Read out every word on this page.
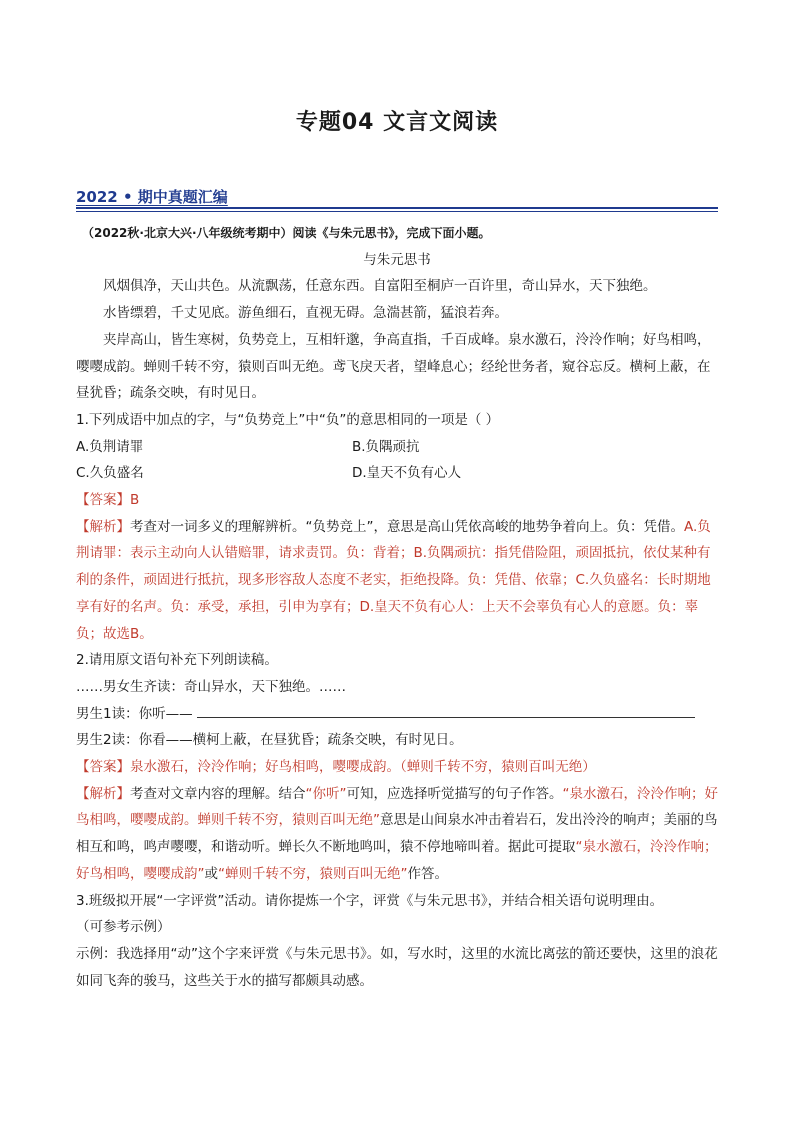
专题04 文言文阅读
2022 • 期中真题汇编

（2022秋·北京大兴·八年级统考期中）阅读《与朱元思书》，完成下面小题。

与朱元思书

风烟俱净，天山共色。从流飘荡，任意东西。自富阳至桐庐一百许里，奇山异水，天下独绝。

水皆缥碧，千丈见底。游鱼细石，直视无碍。急湍甚箭，猛浪若奔。

夹岸高山，皆生寒树，负势竞上，互相轩邈，争高直指，千百成峰。泉水激石，泠泠作响；好鸟相鸣，嘤嘤成韵。蝉则千转不穷，猿则百叫无绝。鸢飞戾天者，望峰息心；经纶世务者，窥谷忘反。横柯上蔽，在昼犹昏；疏条交映，有时见日。

1.下列成语中加点的字，与“负势竞上”中“负”的意思相同的一项是（ ）

A.负荆请罪	B.负隅顽抗
C.久负盛名	D.皇天不负有心人

【答案】B

【解析】考查对一词多义的理解辨析。“负势竞上”，意思是高山凭依高峻的地势争着向上。负：凭借。A.负荆请罪：表示主动向人认错赔罪，请求责罚。负：背着；B.负隅顽抗：指凭借险阻，顽固抵抗，依仗某种有利的条件，顽固进行抵抗，现多形容敌人态度不老实，拒绝投降。负：凭借、依靠；C.久负盛名：长时期地享有好的名声。负：承受，承担，引申为享有；D.皇天不负有心人：上天不会辜负有心人的意愿。负：辜负；故选B。

2.请用原文语句补充下列朗读稿。

……男女生齐读：奇山异水，天下独绝。……

男生1读：你听——

男生2读：你看——横柯上蔽，在昼犹昏；疏条交映，有时见日。

【答案】泉水激石，泠泠作响；好鸟相鸣，嘤嘤成韵。（蝉则千转不穷，猿则百叫无绝）

【解析】考查对文章内容的理解。结合“你听”可知，应选择听觉描写的句子作答。“泉水激石，泠泠作响；好鸟相鸣，嘤嘤成韵。蝉则千转不穷，猿则百叫无绝”意思是山间泉水冲击着岩石，发出泠泠的响声；美丽的鸟相互和鸣，鸣声嘤嘤，和谐动听。蝉长久不断地鸣叫，猿不停地啼叫着。据此可提取“泉水激石，泠泠作响；好鸟相鸣，嘤嘤成韵”或“蝉则千转不穷，猿则百叫无绝”作答。

3.班级拟开展“一字评赏”活动。请你提炼一个字，评赏《与朱元思书》，并结合相关语句说明理由。

（可参考示例）

示例：我选择用“动”这个字来评赏《与朱元思书》。如，写水时，这里的水流比离弦的箭还要快，这里的浪花如同飞奔的骏马，这些关于水的描写都颇具动感。
